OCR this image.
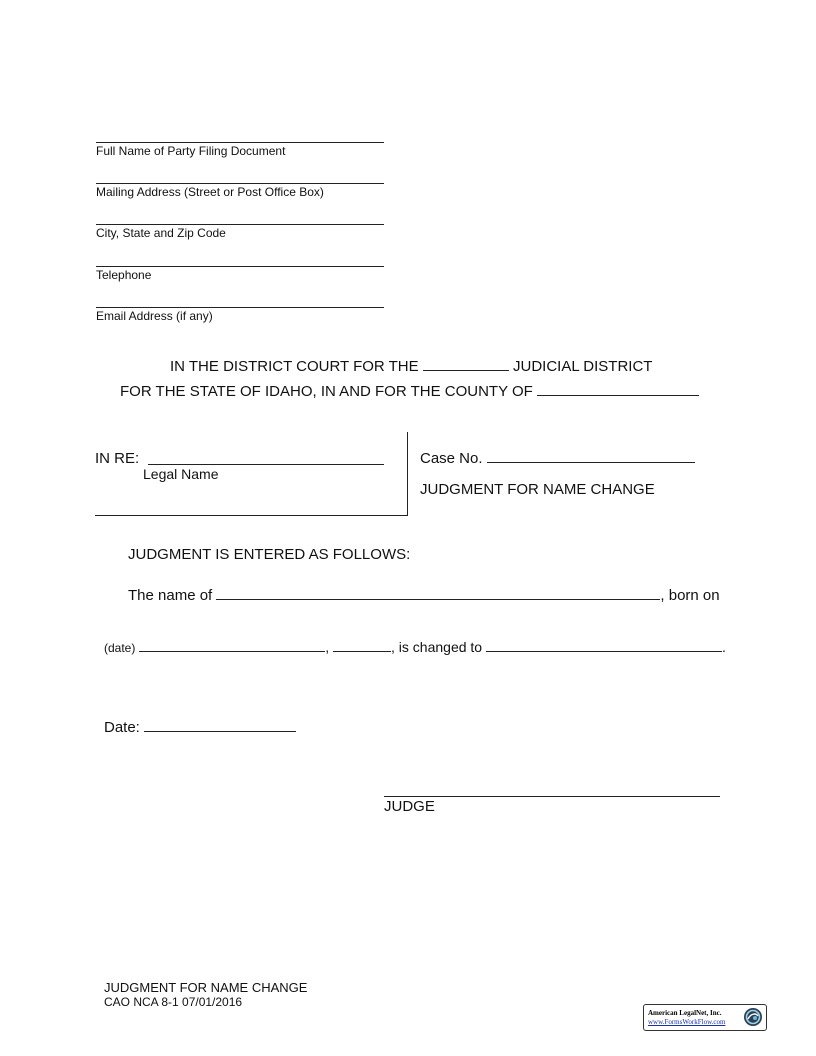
Full Name of Party Filing Document
Mailing Address (Street or Post Office Box)
City, State and Zip Code
Telephone
Email Address (if any)
IN THE DISTRICT COURT FOR THE	JUDICIAL DISTRICT
FOR THE STATE OF IDAHO, IN AND FOR THE COUNTY OF
IN RE:
Legal Name
Case No.
JUDGMENT FOR NAME CHANGE
JUDGMENT IS ENTERED AS FOLLOWS:
The name of	, born on
(date)	,	, is changed to	.
Date:
JUDGE
JUDGMENT FOR NAME CHANGE
CAO NCA 8-1 07/01/2016
American LegalNet, Inc.
www.FormsWorkFlow.com
